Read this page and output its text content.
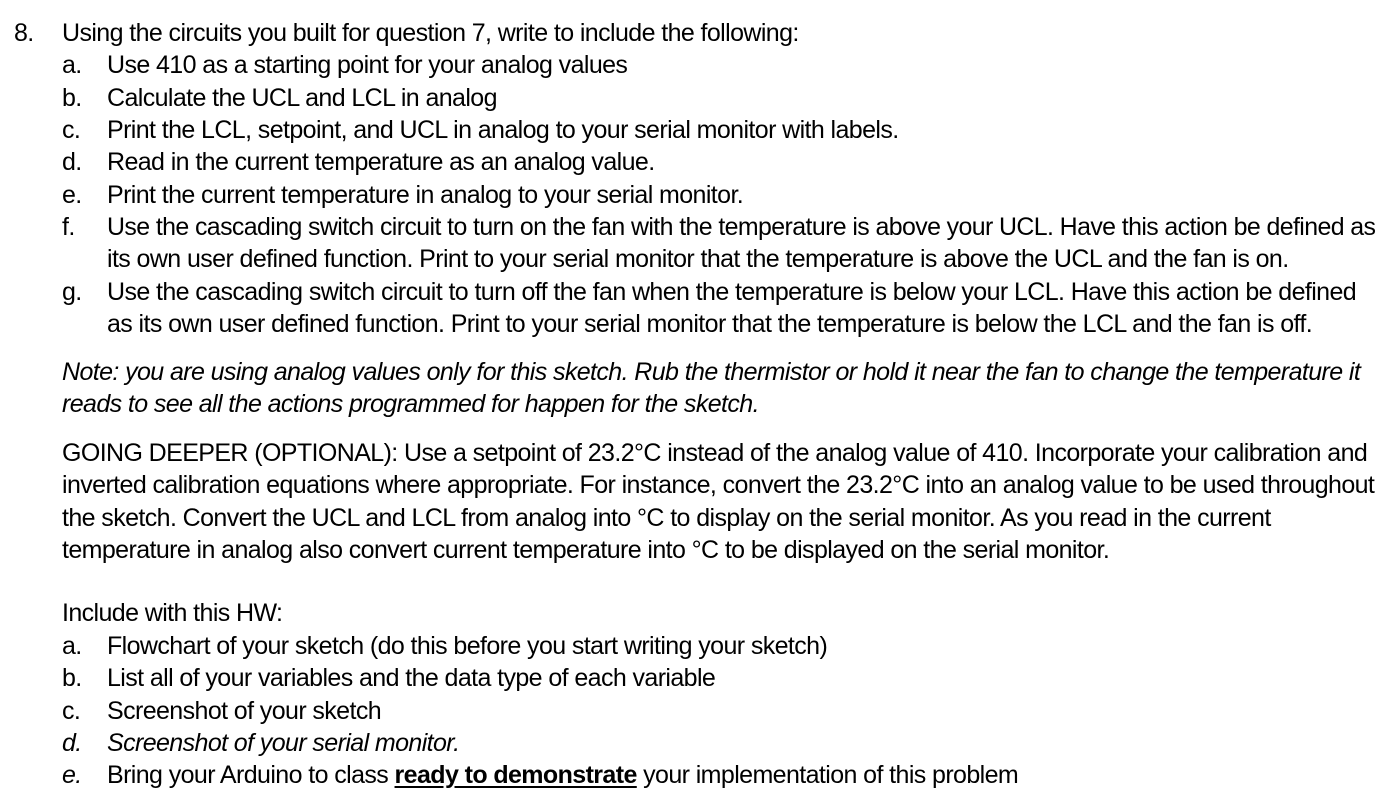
8. Using the circuits you built for question 7, write to include the following:
a.	Use 410 as a starting point for your analog values
b.	Calculate the UCL and LCL in analog
c.	Print the LCL, setpoint, and UCL in analog to your serial monitor with labels.
d.	Read in the current temperature as an analog value.
e.	Print the current temperature in analog to your serial monitor.
f.	Use the cascading switch circuit to turn on the fan with the temperature is above your UCL. Have this action be defined as
its own user defined function. Print to your serial monitor that the temperature is above the UCL and the fan is on.
g.	Use the cascading switch circuit to turn off the fan when the temperature is below your LCL. Have this action be defined
as its own user defined function. Print to your serial monitor that the temperature is below the LCL and the fan is off.
Note: you are using analog values only for this sketch. Rub the thermistor or hold it near the fan to change the temperature it
reads to see all the actions programmed for happen for the sketch.
GOING DEEPER (OPTIONAL): Use a setpoint of 23.2°C instead of the analog value of 410. Incorporate your calibration and
inverted calibration equations where appropriate. For instance, convert the 23.2°C into an analog value to be used throughout
the sketch. Convert the UCL and LCL from analog into °C to display on the serial monitor. As you read in the current
temperature in analog also convert current temperature into °C to be displayed on the serial monitor.
Include with this HW:
a.	Flowchart of your sketch (do this before you start writing your sketch)
b.	List all of your variables and the data type of each variable
c.	Screenshot of your sketch
d.	Screenshot of your serial monitor.
e.	Bring your Arduino to class ready to demonstrate your implementation of this problem
